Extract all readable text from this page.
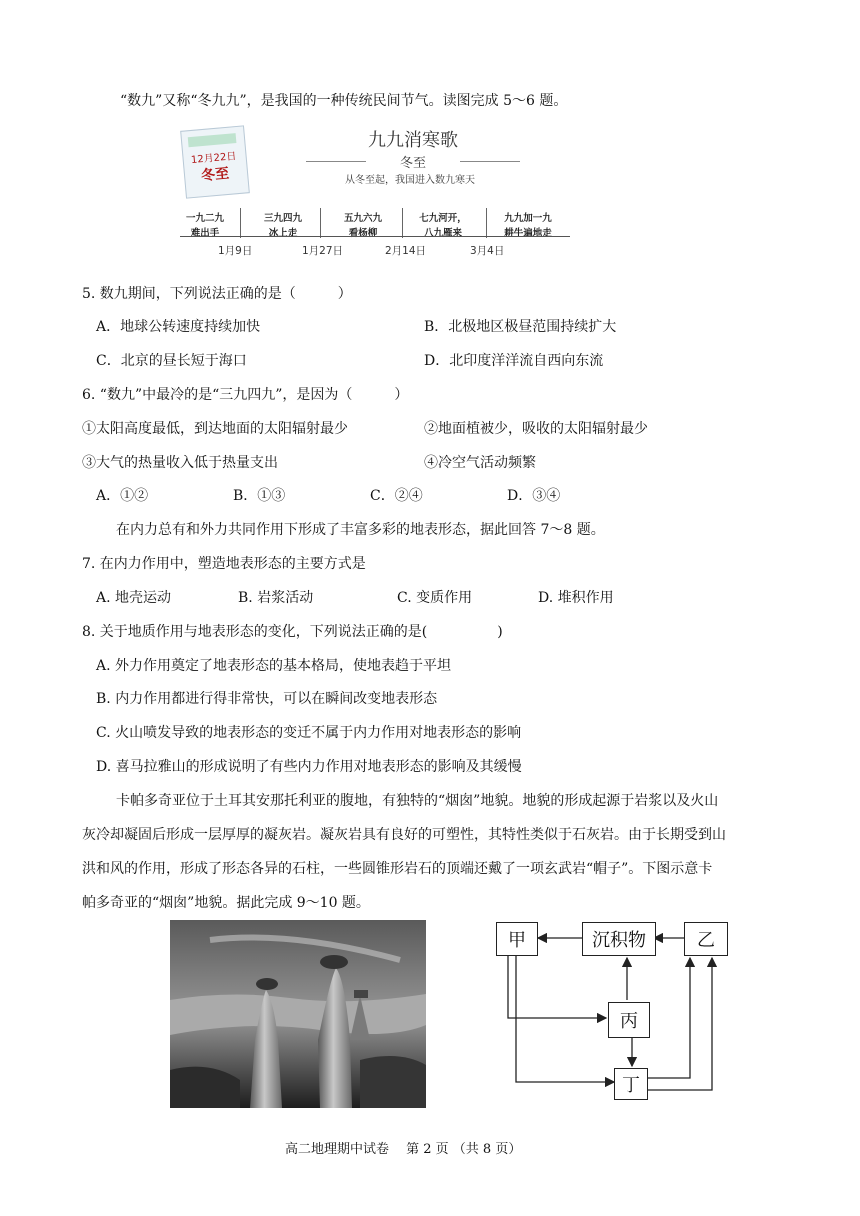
“数九”又称“冬九九”，是我国的一种传统民间节气。读图完成 5～6 题。
12月22日
冬至
九九消寒歌
冬至
从冬至起，我国进入数九寒天
一九二九
难出手
三九四九
冰上走
五九六九
看杨柳
七九河开，
八九雁来
九九加一九
耕牛遍地走
1月9日	1月27日	2月14日	3月4日
5. 数九期间，下列说法正确的是（　　　）
A．地球公转速度持续加快	B．北极地区极昼范围持续扩大
C．北京的昼长短于海口	D．北印度洋洋流自西向东流
6. “数九”中最冷的是“三九四九”，是因为（　　　）
①太阳高度最低，到达地面的太阳辐射最少	②地面植被少，吸收的太阳辐射最少
③大气的热量收入低于热量支出	④冷空气活动频繁
A．①②	B．①③	C．②④	D．③④
在内力总有和外力共同作用下形成了丰富多彩的地表形态，据此回答 7～8 题。
7. 在内力作用中，塑造地表形态的主要方式是
A. 地壳运动	B. 岩浆活动	C. 变质作用	D. 堆积作用
8. 关于地质作用与地表形态的变化，下列说法正确的是(　　　　　)
A. 外力作用奠定了地表形态的基本格局，使地表趋于平坦
B. 内力作用都进行得非常快，可以在瞬间改变地表形态
C. 火山喷发导致的地表形态的变迁不属于内力作用对地表形态的影响
D. 喜马拉雅山的形成说明了有些内力作用对地表形态的影响及其缓慢
卡帕多奇亚位于土耳其安那托利亚的腹地，有独特的“烟囱”地貌。地貌的形成起源于岩浆以及火山
灰冷却凝固后形成一层厚厚的凝灰岩。凝灰岩具有良好的可塑性，其特性类似于石灰岩。由于长期受到山
洪和风的作用，形成了形态各异的石柱，一些圆锥形岩石的顶端还戴了一项玄武岩“帽子”。下图示意卡
帕多奇亚的“烟囱”地貌。据此完成 9～10 题。
甲	沉积物	乙
丙
丁
高二地理期中试卷　 第 2 页 （共 8 页）
